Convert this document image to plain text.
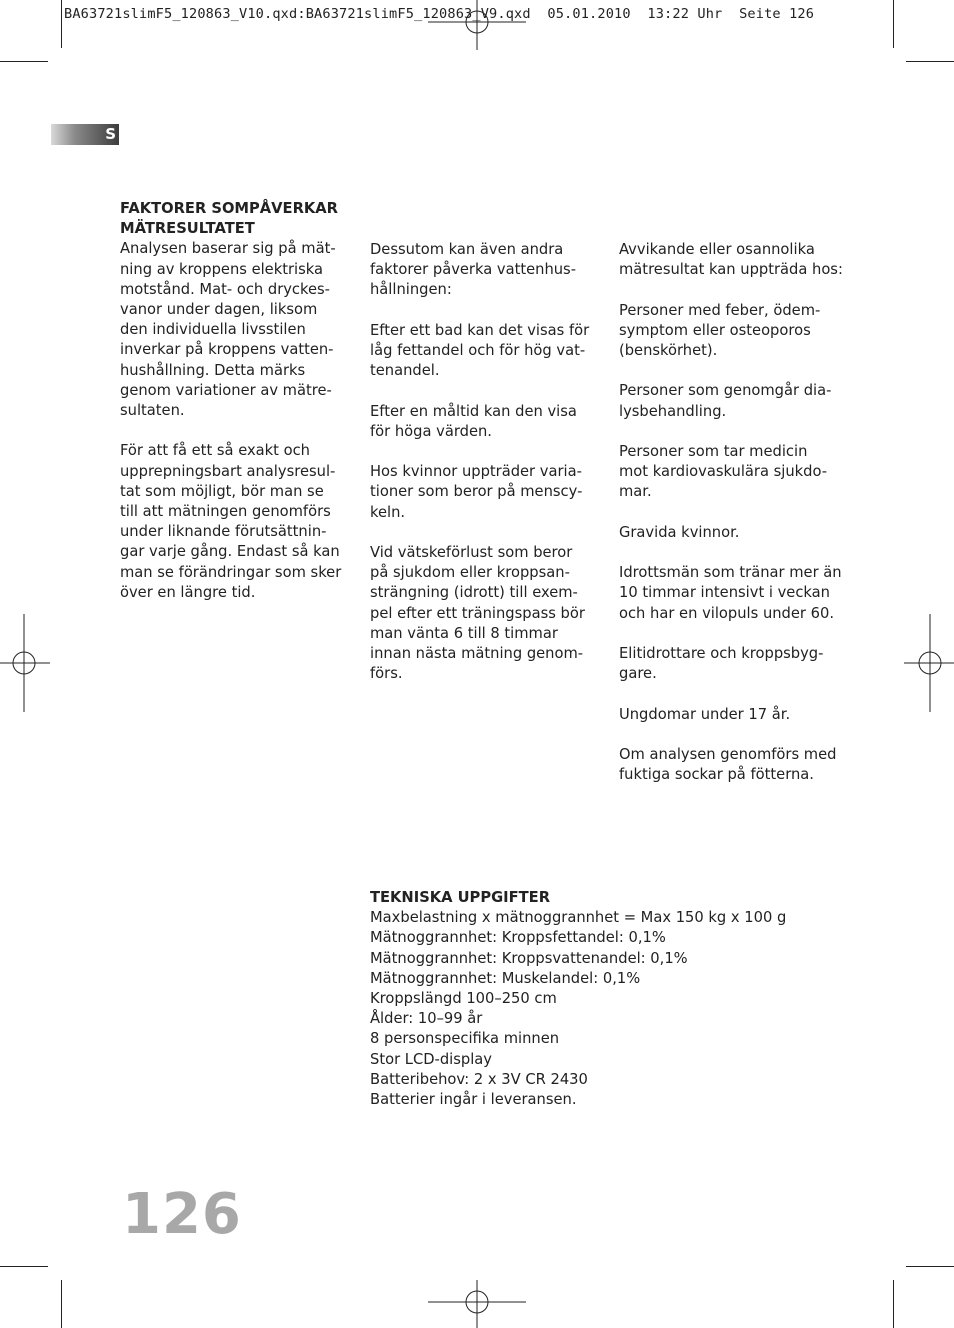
BA63721slimF5_120863_V10.qxd:BA63721slimF5_120863_V9.qxd  05.01.2010  13:22 Uhr  Seite 126
S
FAKTORER SOMPÅVERKAR
MÄTRESULTATET

Analysen baserar sig på mät-
ning av kroppens elektriska
motstånd. Mat- och dryckes-
vanor under dagen, liksom
den individuella livsstilen
inverkar på kroppens vatten-
hushållning. Detta märks
genom variationer av mätre-
sultaten.

För att få ett så exakt och
upprepningsbart analysresul-
tat som möjligt, bör man se
till att mätningen genomförs
under liknande förutsättnin-
gar varje gång. Endast så kan
man se förändringar som sker
över en längre tid.

Dessutom kan även andra
faktorer påverka vattenhus-
hållningen:

Efter ett bad kan det visas för
låg fettandel och för hög vat-
tenandel.

Efter en måltid kan den visa
för höga värden.

Hos kvinnor uppträder varia-
tioner som beror på menscy-
keln.

Vid vätskeförlust som beror
på sjukdom eller kroppsan-
strängning (idrott) till exem-
pel efter ett träningspass bör
man vänta 6 till 8 timmar
innan nästa mätning genom-
förs.

Avvikande eller osannolika
mätresultat kan uppträda hos:

Personer med feber, ödem-
symptom eller osteoporos
(benskörhet).

Personer som genomgår dia-
lysbehandling.

Personer som tar medicin
mot kardiovaskulära sjukdo-
mar.

Gravida kvinnor.

Idrottsmän som tränar mer än
10 timmar intensivt i veckan
och har en vilopuls under 60.

Elitidrottare och kroppsbyg-
gare.

Ungdomar under 17 år.

Om analysen genomförs med
fuktiga sockar på fötterna.

TEKNISKA UPPGIFTER
Maxbelastning x mätnoggrannhet = Max 150 kg x 100 g
Mätnoggrannhet: Kroppsfettandel: 0,1%
Mätnoggrannhet: Kroppsvattenandel: 0,1%
Mätnoggrannhet: Muskelandel: 0,1%
Kroppslängd 100–250 cm
Ålder: 10–99 år
8 personspecifika minnen
Stor LCD-display
Batteribehov: 2 x 3V CR 2430
Batterier ingår i leveransen.
126
